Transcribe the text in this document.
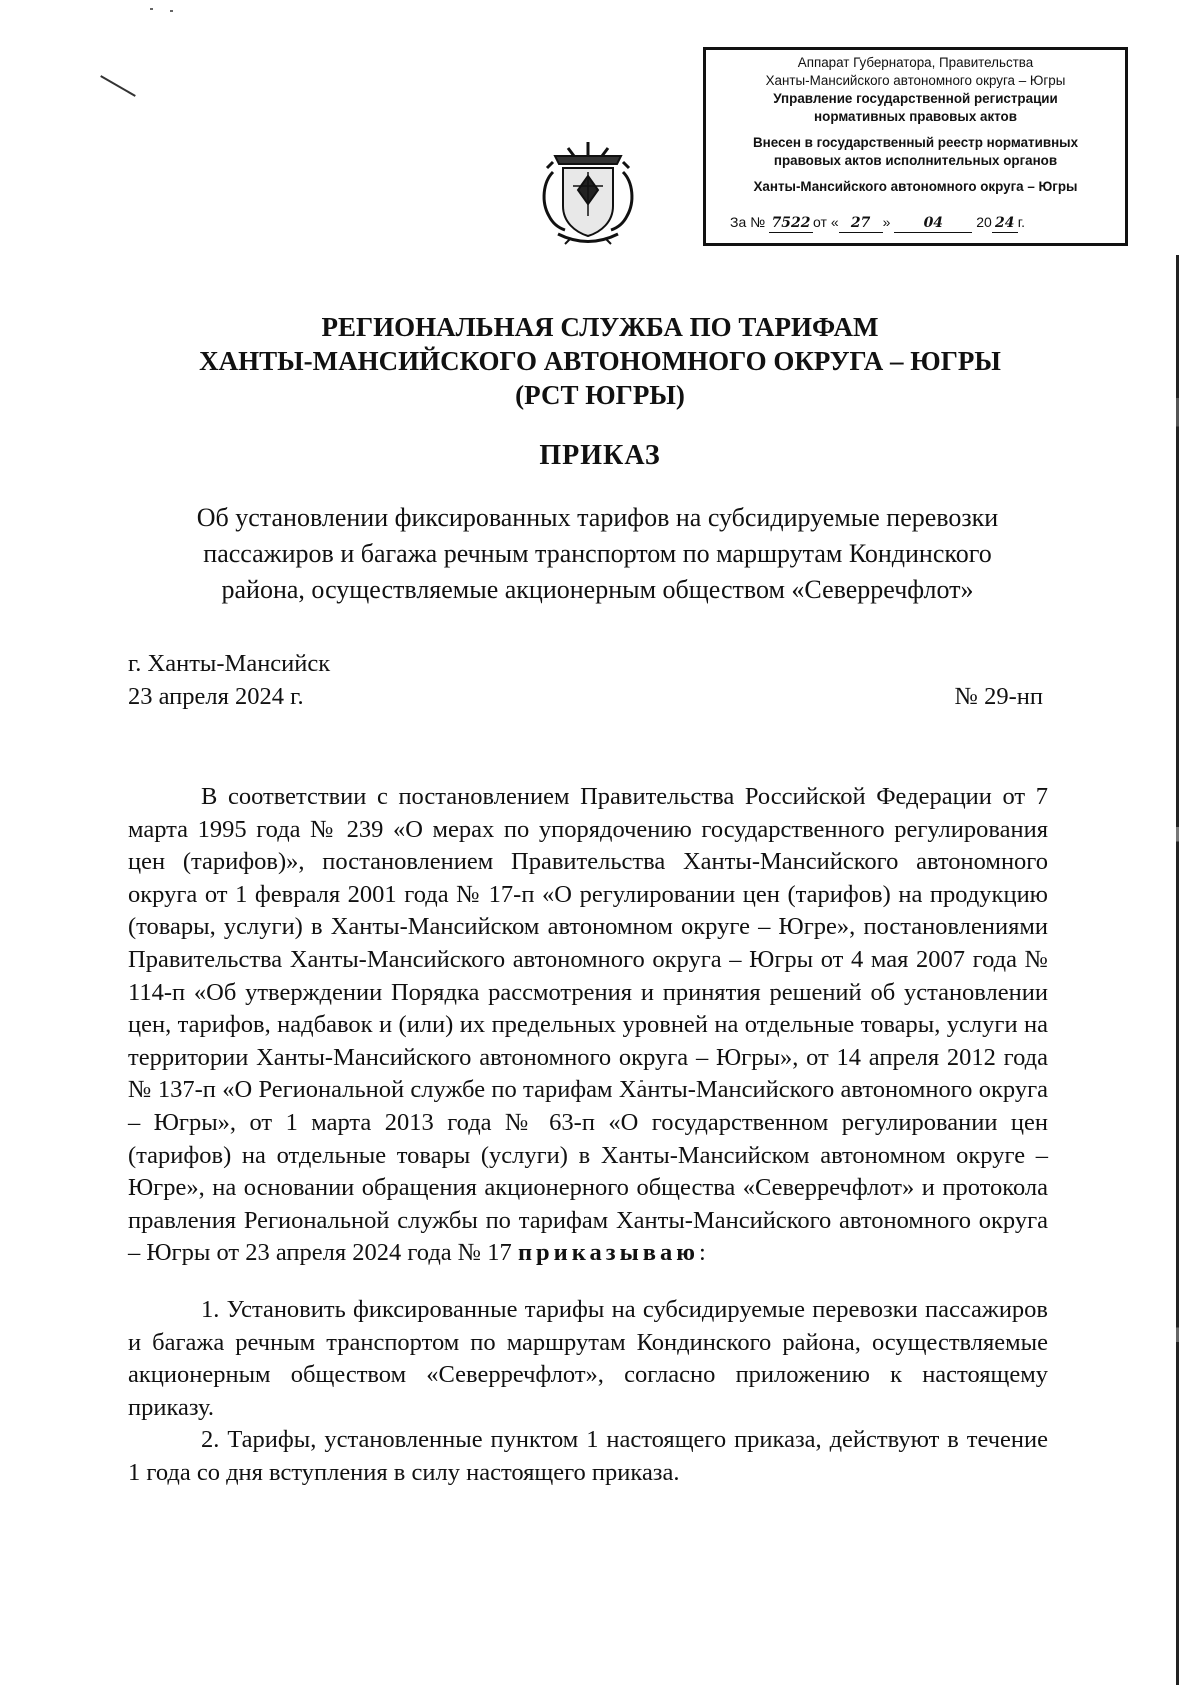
Аппарат Губернатора, Правительства
Ханты-Мансийского автономного округа – Югры
Управление государственной регистрации
нормативных правовых актов
Внесен в государственный реестр нормативных
правовых актов исполнительных органов
Ханты-Мансийского автономного округа – Югры
За № 7522 от « 27 » 04 20 24 г.
РЕГИОНАЛЬНАЯ СЛУЖБА ПО ТАРИФАМ
ХАНТЫ-МАНСИЙСКОГО АВТОНОМНОГО ОКРУГА – ЮГРЫ
(РСТ ЮГРЫ)
ПРИКАЗ
Об установлении фиксированных тарифов на субсидируемые перевозки
пассажиров и багажа речным транспортом по маршрутам Кондинского
района, осуществляемые акционерным обществом «Северречфлот»
г. Ханты-Мансийск
23 апреля 2024 г.	№ 29-нп

В соответствии с постановлением Правительства Российской Федерации от 7 марта 1995 года № 239 «О мерах по упорядочению государственного регулирования цен (тарифов)», постановлением Правительства Ханты-Мансийского автономного округа от 1 февраля 2001 года № 17-п «О регулировании цен (тарифов) на продукцию (товары, услуги) в Ханты-Мансийском автономном округе – Югре», постановлениями Правительства Ханты-Мансийского автономного округа – Югры от 4 мая 2007 года № 114-п «Об утверждении Порядка рассмотрения и принятия решений об установлении цен, тарифов, надбавок и (или) их предельных уровней на отдельные товары, услуги на территории Ханты-Мансийского автономного округа – Югры», от 14 апреля 2012 года № 137-п «О Региональной службе по тарифам Ханты-Мансийского автономного округа – Югры», от 1 марта 2013 года № 63-п «О государственном регулировании цен (тарифов) на отдельные товары (услуги) в Ханты-Мансийском автономном округе – Югре», на основании обращения акционерного общества «Северречфлот» и протокола правления Региональной службы по тарифам Ханты-Мансийского автономного округа – Югры от 23 апреля 2024 года № 17 приказываю:

1. Установить фиксированные тарифы на субсидируемые перевозки пассажиров и багажа речным транспортом по маршрутам Кондинского района, осуществляемые акционерным обществом «Северречфлот», согласно приложению к настоящему приказу.

2. Тарифы, установленные пунктом 1 настоящего приказа, действуют в течение 1 года со дня вступления в силу настоящего приказа.
